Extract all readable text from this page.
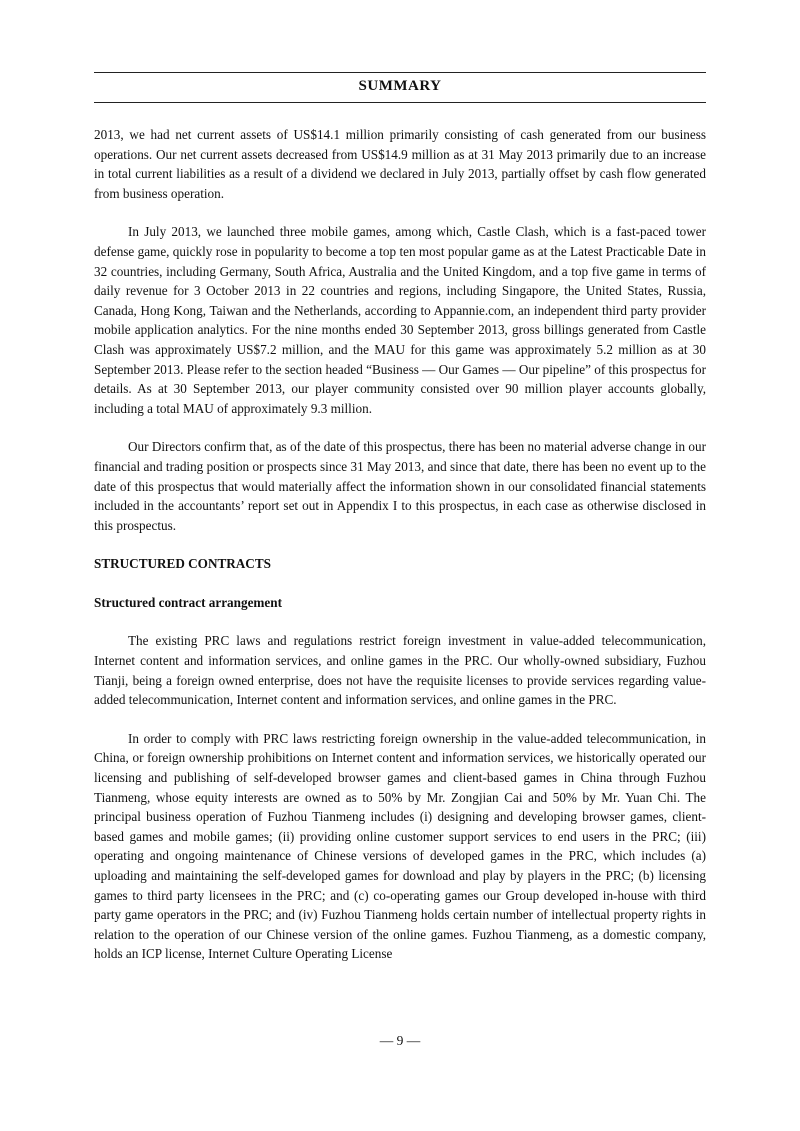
SUMMARY

2013, we had net current assets of US$14.1 million primarily consisting of cash generated from our business operations. Our net current assets decreased from US$14.9 million as at 31 May 2013 primarily due to an increase in total current liabilities as a result of a dividend we declared in July 2013, partially offset by cash flow generated from business operation.

In July 2013, we launched three mobile games, among which, Castle Clash, which is a fast-paced tower defense game, quickly rose in popularity to become a top ten most popular game as at the Latest Practicable Date in 32 countries, including Germany, South Africa, Australia and the United Kingdom, and a top five game in terms of daily revenue for 3 October 2013 in 22 countries and regions, including Singapore, the United States, Russia, Canada, Hong Kong, Taiwan and the Netherlands, according to Appannie.com, an independent third party provider mobile application analytics. For the nine months ended 30 September 2013, gross billings generated from Castle Clash was approximately US$7.2 million, and the MAU for this game was approximately 5.2 million as at 30 September 2013. Please refer to the section headed “Business — Our Games — Our pipeline” of this prospectus for details. As at 30 September 2013, our player community consisted over 90 million player accounts globally, including a total MAU of approximately 9.3 million.

Our Directors confirm that, as of the date of this prospectus, there has been no material adverse change in our financial and trading position or prospects since 31 May 2013, and since that date, there has been no event up to the date of this prospectus that would materially affect the information shown in our consolidated financial statements included in the accountants’ report set out in Appendix I to this prospectus, in each case as otherwise disclosed in this prospectus.

STRUCTURED CONTRACTS
Structured contract arrangement

The existing PRC laws and regulations restrict foreign investment in value-added telecommunication, Internet content and information services, and online games in the PRC. Our wholly-owned subsidiary, Fuzhou Tianji, being a foreign owned enterprise, does not have the requisite licenses to provide services regarding value-added telecommunication, Internet content and information services, and online games in the PRC.

In order to comply with PRC laws restricting foreign ownership in the value-added telecommunication, in China, or foreign ownership prohibitions on Internet content and information services, we historically operated our licensing and publishing of self-developed browser games and client-based games in China through Fuzhou Tianmeng, whose equity interests are owned as to 50% by Mr. Zongjian Cai and 50% by Mr. Yuan Chi. The principal business operation of Fuzhou Tianmeng includes (i) designing and developing browser games, client-based games and mobile games; (ii) providing online customer support services to end users in the PRC; (iii) operating and ongoing maintenance of Chinese versions of developed games in the PRC, which includes (a) uploading and maintaining the self-developed games for download and play by players in the PRC; (b) licensing games to third party licensees in the PRC; and (c) co-operating games our Group developed in-house with third party game operators in the PRC; and (iv) Fuzhou Tianmeng holds certain number of intellectual property rights in relation to the operation of our Chinese version of the online games. Fuzhou Tianmeng, as a domestic company, holds an ICP license, Internet Culture Operating License

— 9 —
